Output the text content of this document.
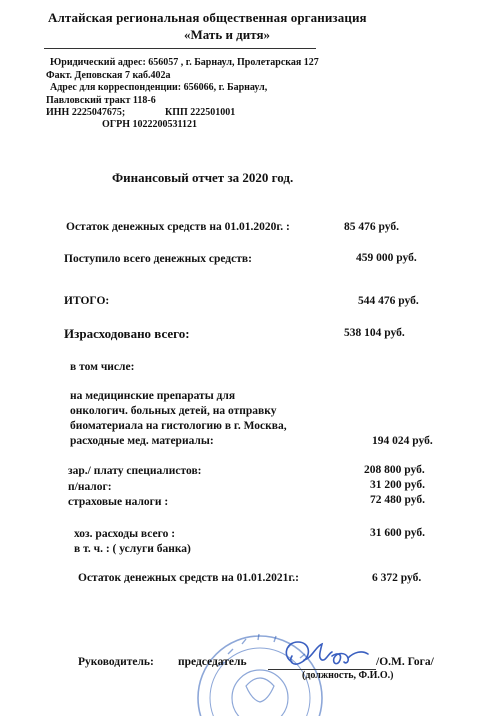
Алтайская региональная общественная организация
«Мать и дитя»
Юридический адрес: 656057 , г. Барнаул, Пролетарская 127
Факт. Деповская 7 каб.402а
Адрес для корреспонденции: 656066, г. Барнаул,
Павловский тракт 118-6
ИНН 2225047675;	КПП 222501001
ОГРН 1022200531121
Финансовый отчет за 2020 год.
Остаток денежных средств на 01.01.2020г. :	85 476 руб.
Поступило всего денежных средств:	459 000 руб.
ИТОГО:	544 476 руб.
Израсходовано всего:	538 104 руб.
в том числе:
на медицинские препараты для
онкологич. больных детей, на отправку
биоматериала на гистологию в г. Москва,
расходные мед. материалы:	194 024 руб.
зар./ плату специалистов:	208 800 руб.
п/налог:	31 200 руб.
страховые налоги :	72 480 руб.
хоз. расходы всего :	31 600 руб.
в т. ч. : ( услуги банка)
Остаток денежных средств на 01.01.2021г.:	6 372 руб.
Руководитель: председатель	/О.М. Гога/
(должность, Ф.И.О.)
